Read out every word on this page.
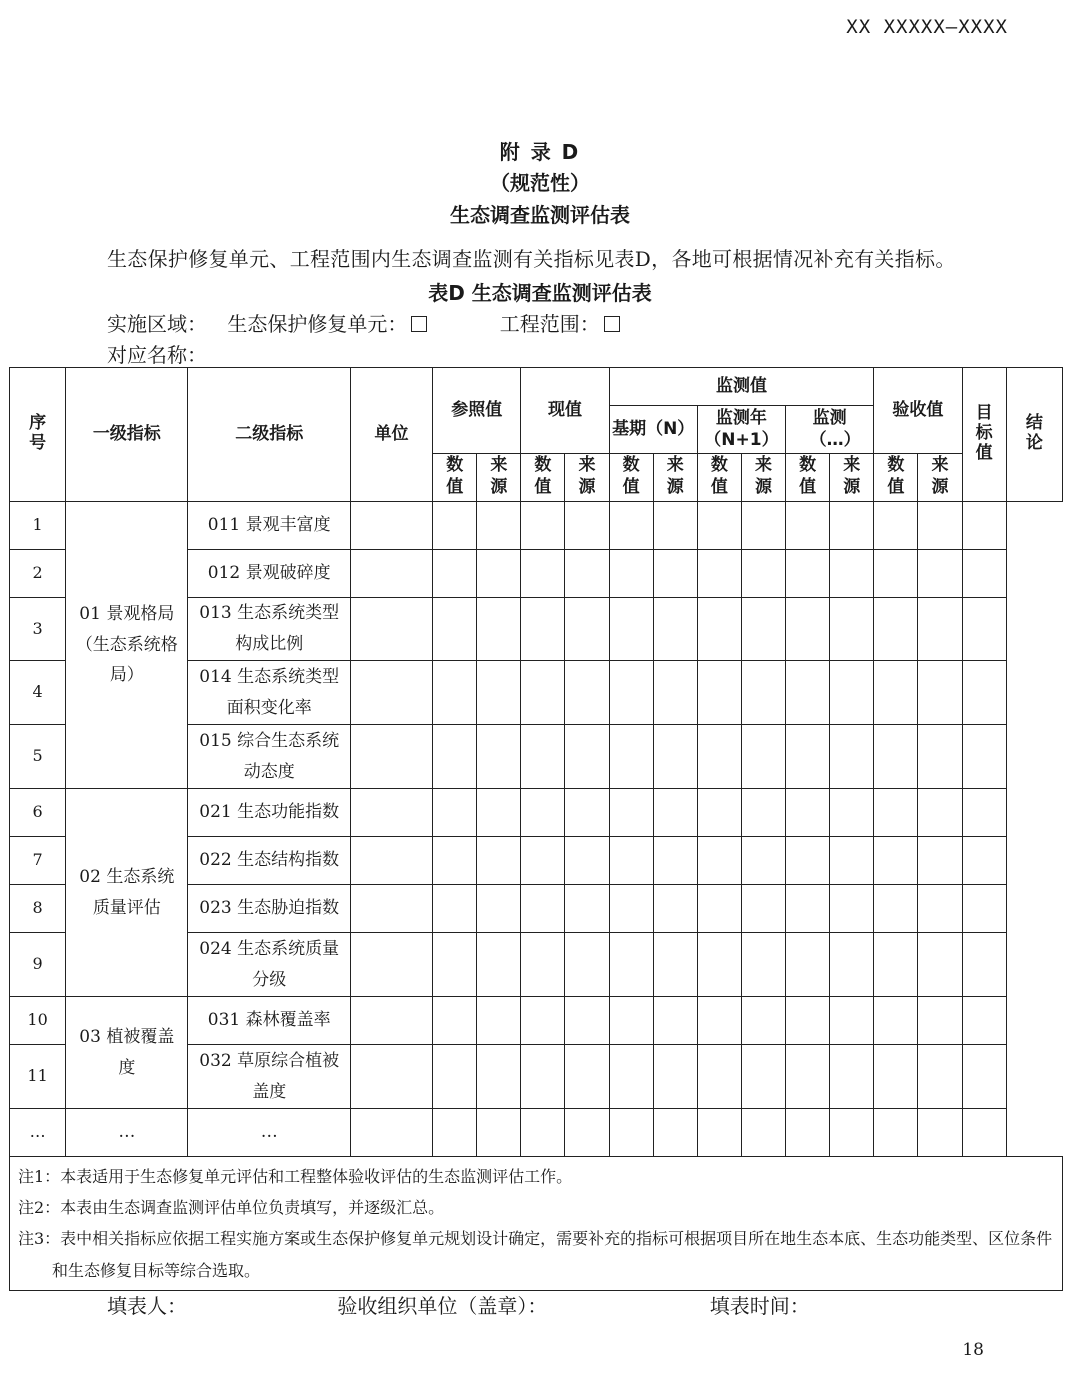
XX XXXXX—XXXX
附 录 D
（规范性）
生态调查监测评估表
生态保护修复单元、工程范围内生态调查监测有关指标见表D，各地可根据情况补充有关指标。
表D 生态调查监测评估表
实施区域： 生态保护修复单元：	工程范围：
对应名称：
序号	一级指标	二级指标	单位	参照值		现值		监测值						验收值		目标值	结论
								基期（N）		监测年（N+1）		监测（…）					
				数值	来源	数值	来源	数值	来源	数值	来源	数值	来源	数值	来源		
1	01 景观格局（生态系统格局）	011 景观丰富度															
2		012 景观破碎度															
3		013 生态系统类型构成比例															
4		014 生态系统类型面积变化率															
5		015 综合生态系统动态度															
6	02 生态系统质量评估	021 生态功能指数															
7		022 生态结构指数															
8		023 生态胁迫指数															
9		024 生态系统质量分级															
10	03 植被覆盖度	031 森林覆盖率															
11		032 草原综合植被盖度															
…	…	…															

注1：本表适用于生态修复单元评估和工程整体验收评估的生态监测评估工作。
注2：本表由生态调查监测评估单位负责填写，并逐级汇总。
注3：表中相关指标应依据工程实施方案或生态保护修复单元规划设计确定，需要补充的指标可根据项目所在地生态本底、生态功能类型、区位条件和生态修复目标等综合选取。																	
填表人：	验收组织单位（盖章）：	填表时间：
18
